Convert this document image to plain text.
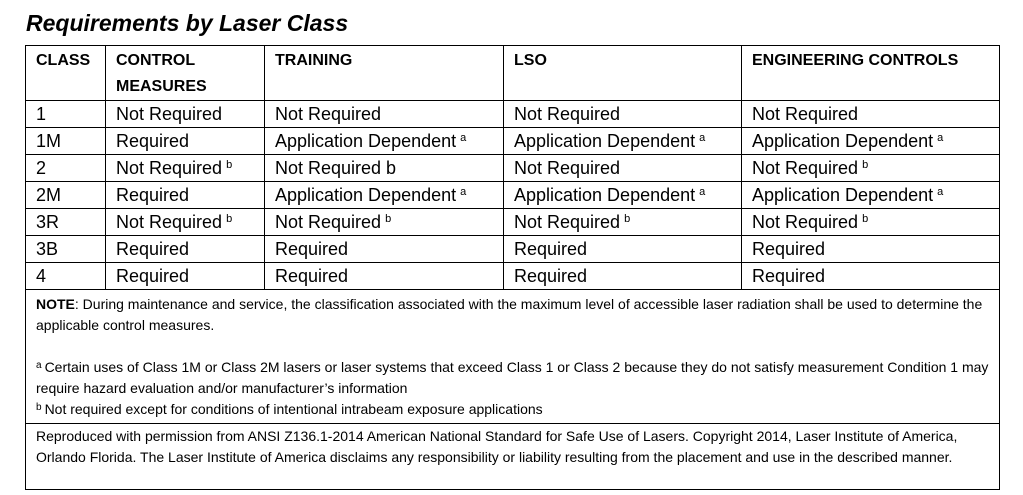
Requirements by Laser Class
CLASS	CONTROL MEASURES	TRAINING	LSO	ENGINEERING CONTROLS
1	Not Required	Not Required	Not Required	Not Required
1M	Required	Application Dependent $^a$	Application Dependent $^a$	Application Dependent $^a$
2	Not Required $^b$	Not Required b	Not Required	Not Required $^b$
2M	Required	Application Dependent $^a$	Application Dependent $^a$	Application Dependent $^a$
3R	Not Required $^b$	Not Required $^b$	Not Required $^b$	Not Required $^b$
3B	Required	Required	Required	Required
4	Required	Required	Required	Required

NOTE: During maintenance and service, the classification associated with the maximum level of accessible laser radiation shall be used to determine the applicable control measures.

$^a$ Certain uses of Class 1M or Class 2M lasers or laser systems that exceed Class 1 or Class 2 because they do not satisfy measurement Condition 1 may require hazard evaluation and/or manufacturer’s information

$^b$ Not required except for conditions of intentional intrabeam exposure applications				

Reproduced with permission from ANSI Z136.1-2014 American National Standard for Safe Use of Lasers. Copyright 2014, Laser Institute of America, Orlando Florida. The Laser Institute of America disclaims any responsibility or liability resulting from the placement and use in the described manner.				
